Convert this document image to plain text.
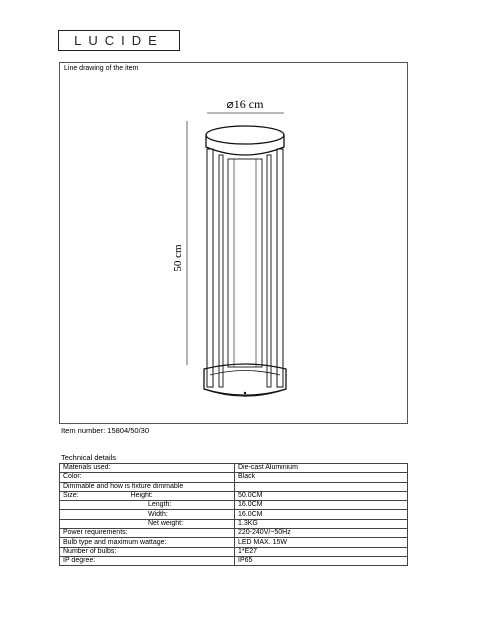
LUCIDE
Line drawing of the item
⌀16 cm
50 cm
Item number: 15804/50/30
Technical details
Materials used:	Die-cast Aluminium
Color:	Black
Dimmable and how is fixture dimmable	
Size: Height:	50.0CM
Length:	16.0CM
Width:	16.0CM
Net weight:	1.3KG
Power requirements:	220-240V/~50Hz
Bulb type and maximum wattage:	LED MAX. 15W
Number of bulbs:	1*E27
IP degree:	IP65
